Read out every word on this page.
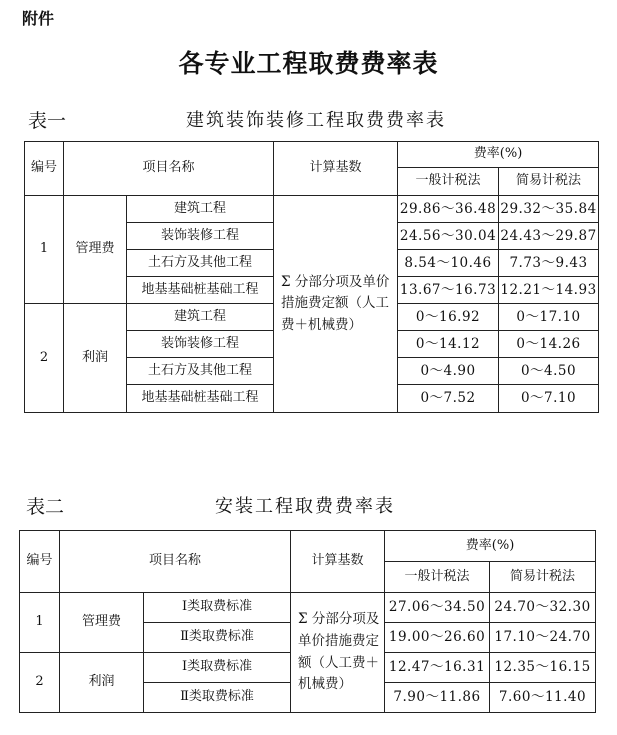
附件
各专业工程取费费率表
表一	建筑装饰装修工程取费费率表
编号	项目名称		计算基数	费率(%)	
				一般计税法	简易计税法
1	管理费	建筑工程	Σ 分部分项及单价措施费定额（人工费＋机械费）	29.86～36.48	29.32～35.84
		装饰装修工程		24.56～30.04	24.43～29.87
		土石方及其他工程		8.54～10.46	7.73～9.43
		地基基础桩基础工程		13.67～16.73	12.21～14.93
2	利润	建筑工程		0～16.92	0～17.10
		装饰装修工程		0～14.12	0～14.26
		土石方及其他工程		0～4.90	0～4.50
		地基基础桩基础工程		0～7.52	0～7.10
表二	安装工程取费费率表
编号	项目名称		计算基数	费率(%)	
				一般计税法	简易计税法
1	管理费	Ⅰ类取费标准	Σ 分部分项及单价措施费定额（人工费＋机械费）	27.06～34.50	24.70～32.30
		Ⅱ类取费标准		19.00～26.60	17.10～24.70
2	利润	Ⅰ类取费标准		12.47～16.31	12.35～16.15
		Ⅱ类取费标准		7.90～11.86	7.60～11.40
